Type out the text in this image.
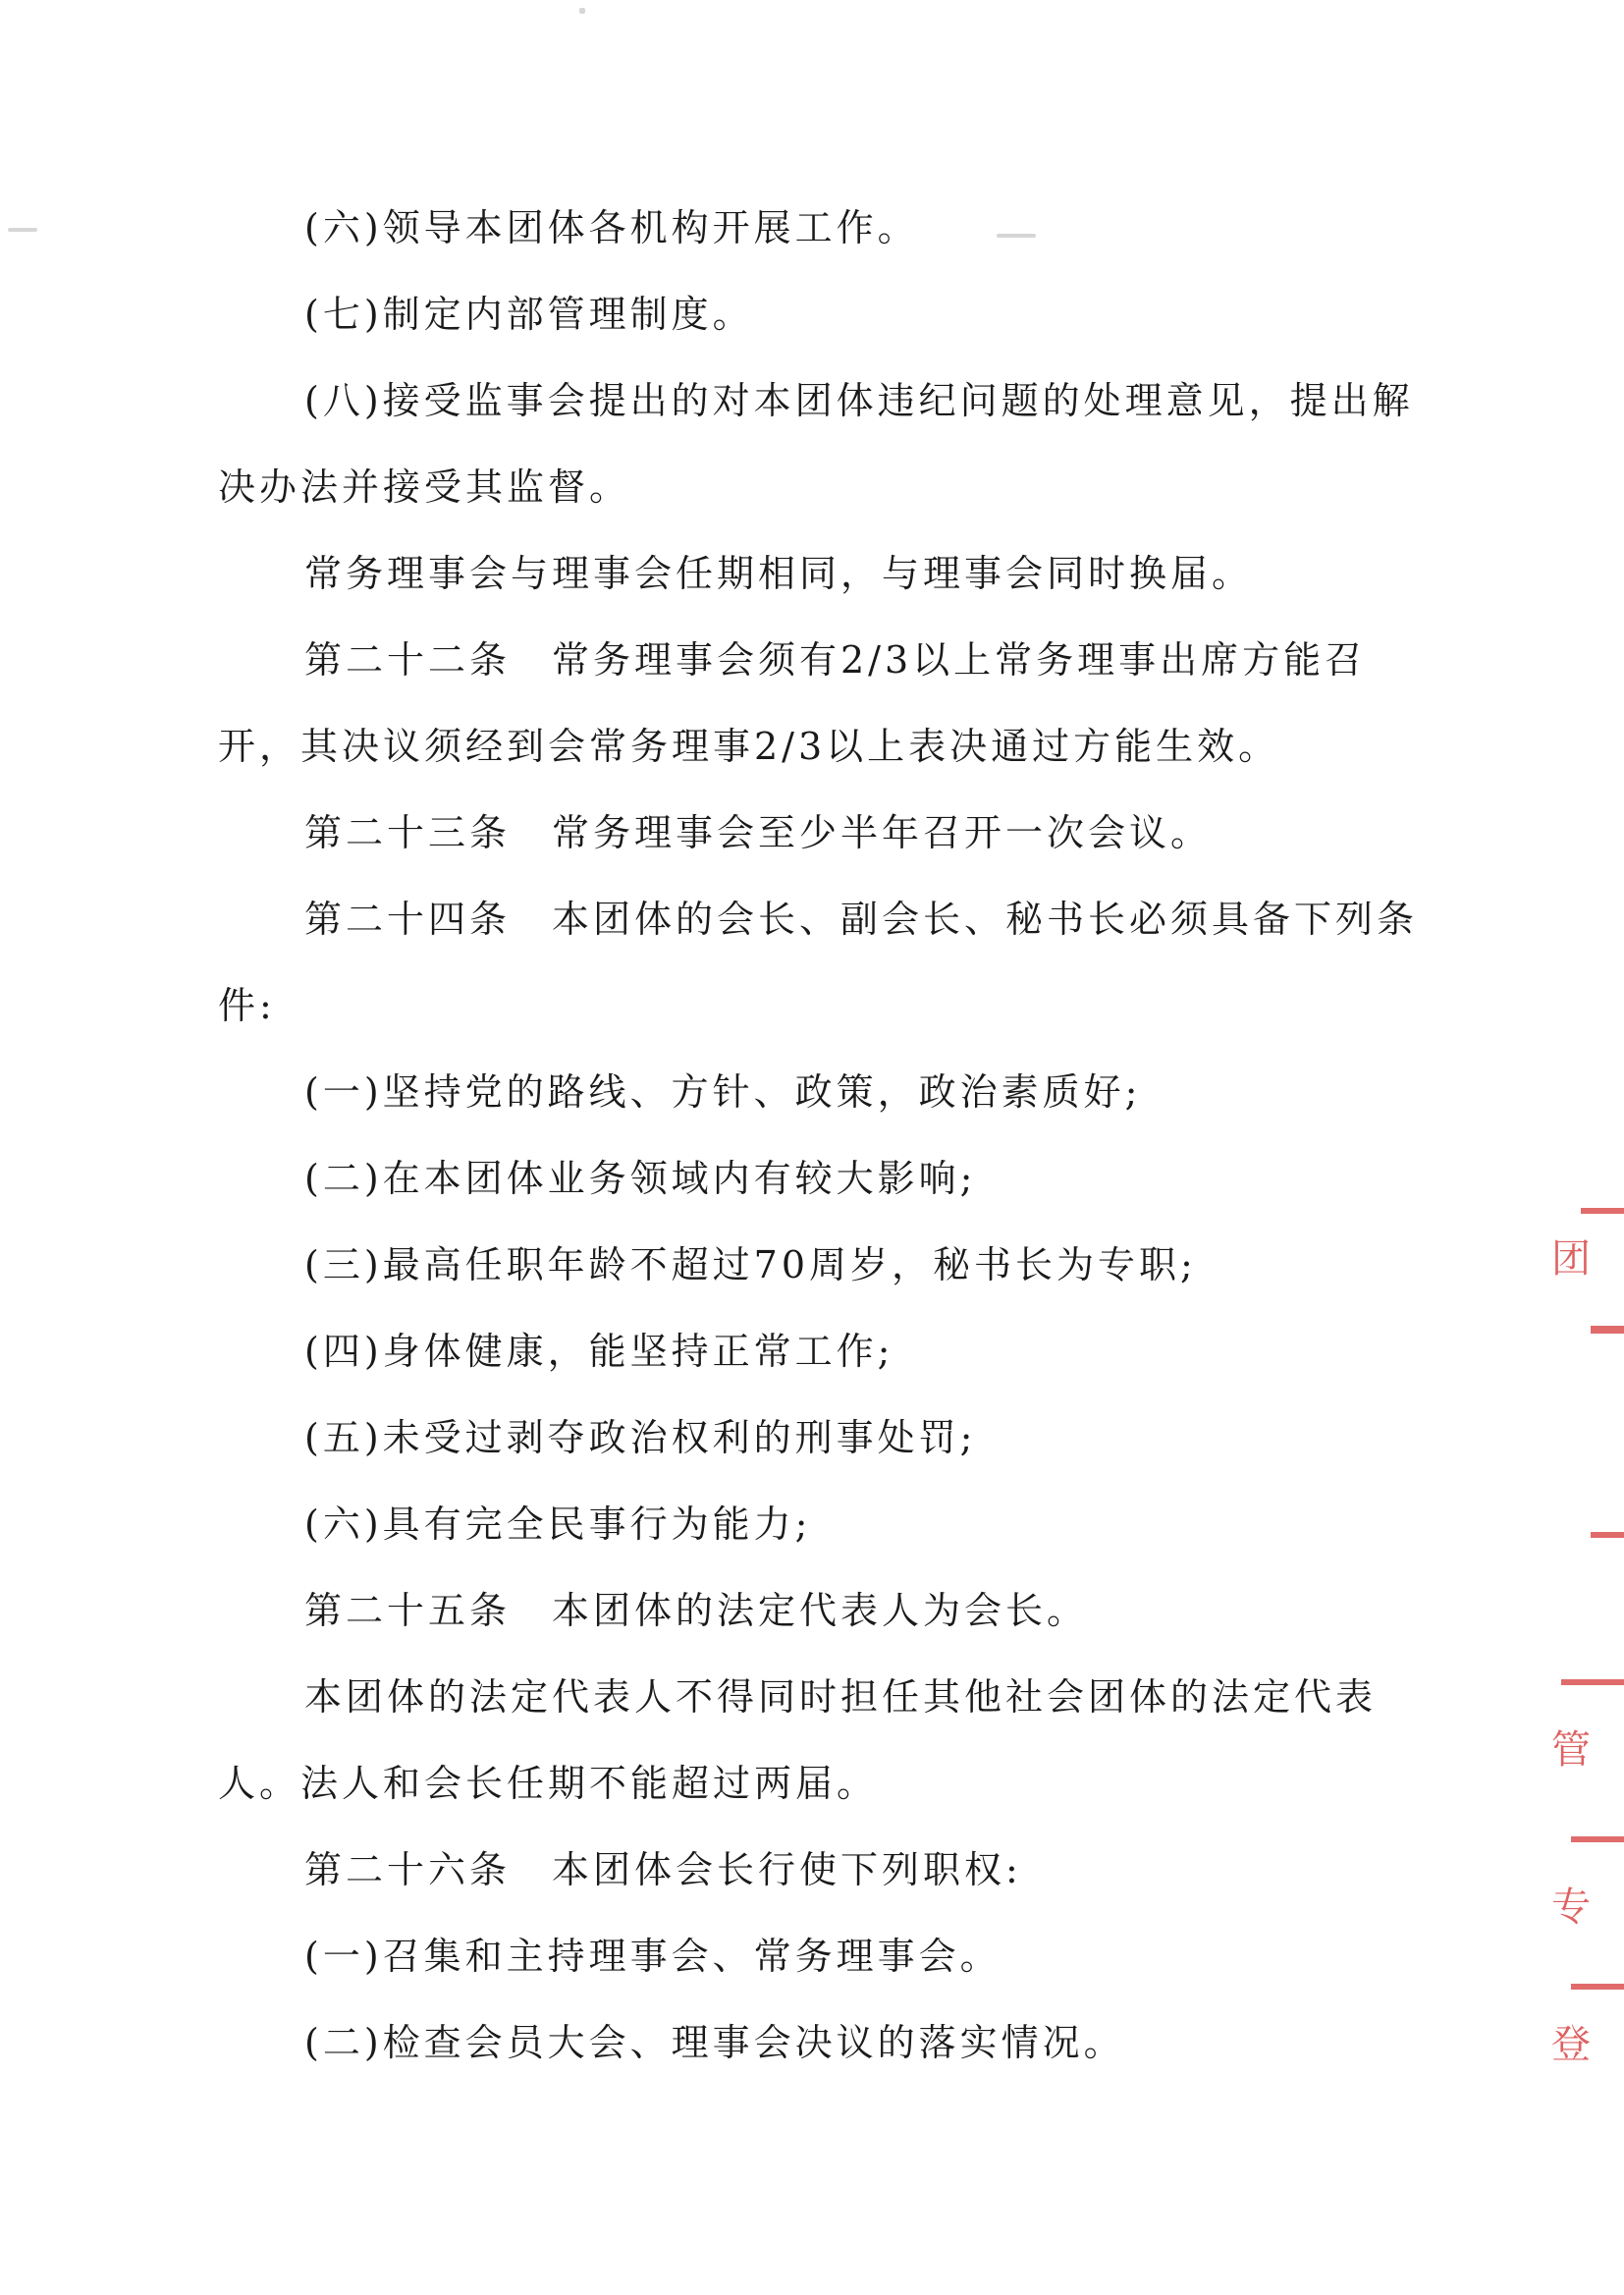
(六)领导本团体各机构开展工作。
(七)制定内部管理制度。
(八)接受监事会提出的对本团体违纪问题的处理意见，提出解
决办法并接受其监督。
常务理事会与理事会任期相同，与理事会同时换届。
第二十二条　常务理事会须有2/3以上常务理事出席方能召
开，其决议须经到会常务理事2/3以上表决通过方能生效。
第二十三条　常务理事会至少半年召开一次会议。
第二十四条　本团体的会长、副会长、秘书长必须具备下列条
件:
(一)坚持党的路线、方针、政策，政治素质好;
(二)在本团体业务领域内有较大影响;
(三)最高任职年龄不超过70周岁，秘书长为专职;
(四)身体健康，能坚持正常工作;
(五)未受过剥夺政治权利的刑事处罚;
(六)具有完全民事行为能力;
第二十五条　本团体的法定代表人为会长。
本团体的法定代表人不得同时担任其他社会团体的法定代表
人。法人和会长任期不能超过两届。
第二十六条　本团体会长行使下列职权:
(一)召集和主持理事会、常务理事会。
(二)检查会员大会、理事会决议的落实情况。
团
管
专
登
